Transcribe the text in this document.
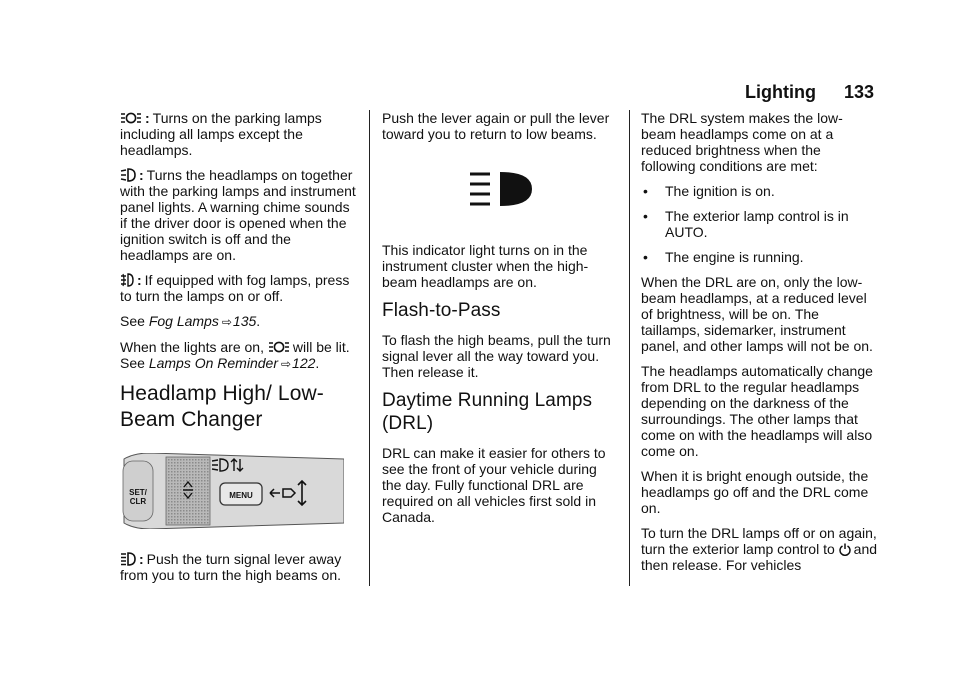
Lighting 133

: Turns on the parking lamps including all lamps except the headlamps.

: Turns the headlamps on together with the parking lamps and instrument panel lights. A warning chime sounds if the driver door is opened when the ignition switch is off and the headlamps are on.

: If equipped with fog lamps, press to turn the lamps on or off.

See Fog Lamps ⇨135.

When the lights are on, will be lit. See Lamps On Reminder ⇨122.

Headlamp High/ Low-Beam Changer
SET/
CLR
MENU

: Push the turn signal lever away from you to turn the high beams on.

Push the lever again or pull the lever toward you to return to low beams.

This indicator light turns on in the instrument cluster when the high-beam headlamps are on.

Flash-to-Pass

To flash the high beams, pull the turn signal lever all the way toward you. Then release it.

Daytime Running Lamps (DRL)

DRL can make it easier for others to see the front of your vehicle during the day. Fully functional DRL are required on all vehicles first sold in Canada.

The DRL system makes the low-beam headlamps come on at a reduced brightness when the following conditions are met:

•	The ignition is on.
•	The exterior lamp control is in AUTO.
•	The engine is running.

When the DRL are on, only the low-beam headlamps, at a reduced level of brightness, will be on. The taillamps, sidemarker, instrument panel, and other lamps will not be on.

The headlamps automatically change from DRL to the regular headlamps depending on the darkness of the surroundings. The other lamps that come on with the headlamps will also come on.

When it is bright enough outside, the headlamps go off and the DRL come on.

To turn the DRL lamps off or on again, turn the exterior lamp control to and then release. For vehicles
